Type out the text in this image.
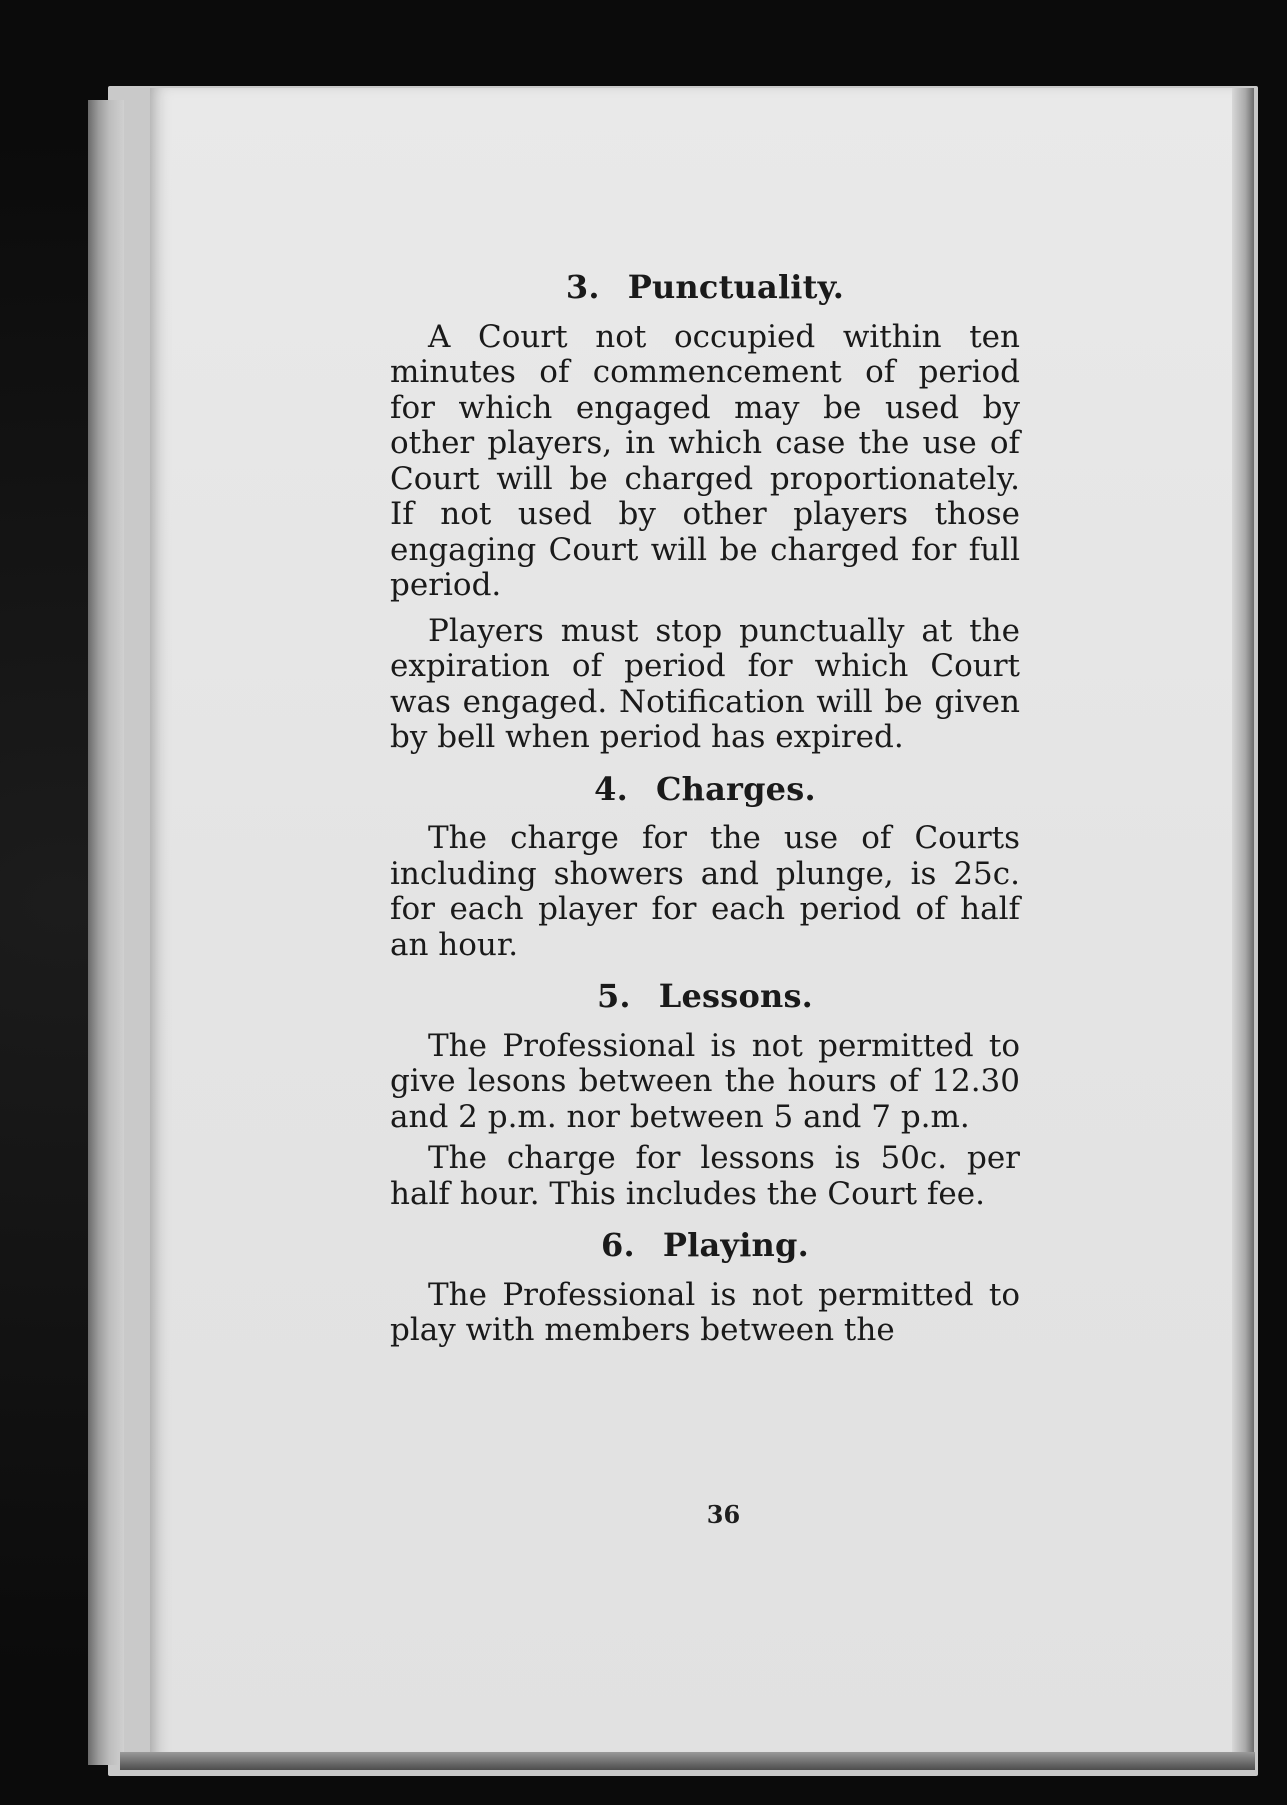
3. Punctuality.

A Court not occupied within ten minutes of commencement of period for which engaged may be used by other players, in which case the use of Court will be charged proportionately. If not used by other players those engaging Court will be charged for full period.

Players must stop punctually at the expiration of period for which Court was engaged. Notification will be given by bell when period has expired.

4. Charges.

The charge for the use of Courts including showers and plunge, is 25c. for each player for each period of half an hour.

5. Lessons.

The Professional is not permitted to give lesons between the hours of 12.30 and 2 p.m. nor between 5 and 7 p.m.

The charge for lessons is 50c. per half hour. This includes the Court fee.

6. Playing.

The Professional is not permitted to play with members between the

36
